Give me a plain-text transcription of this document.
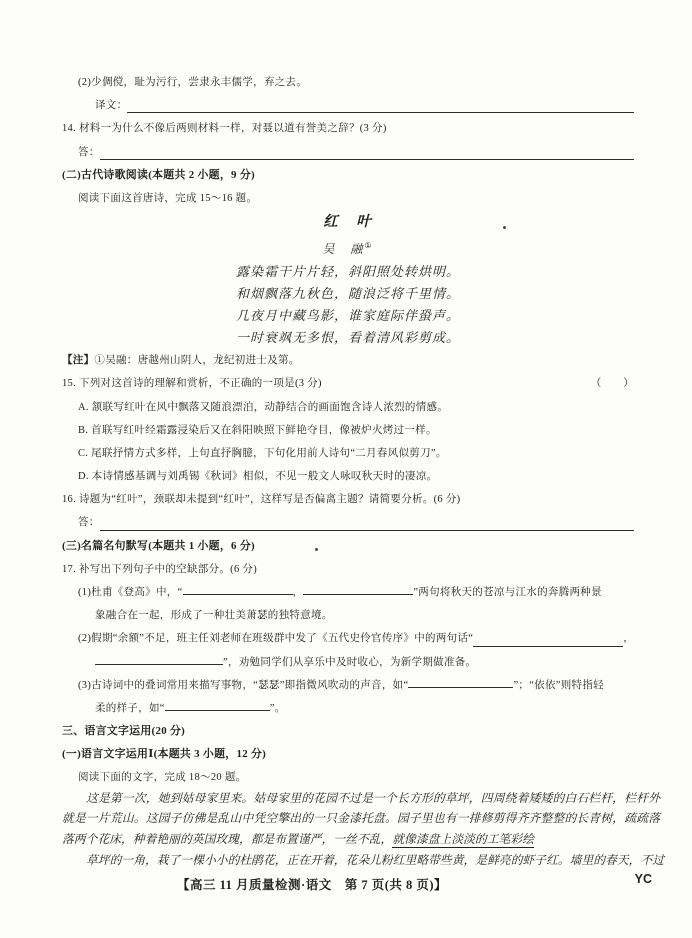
(2)少倜傥，耻为污行，尝隶永丰儒学，弃之去。
译文：
14. 材料一为什么不像后两则材料一样，对聂以道有誉美之辞？(3 分)
答：
(二)古代诗歌阅读(本题共 2 小题，9 分)
阅读下面这首唐诗，完成 15～16 题。
红　叶
吴　融①
露染霜干片片轻，斜阳照处转烘明。
和烟飘落九秋色，随浪泛将千里情。
几夜月中藏鸟影，谁家庭际伴蛩声。
一时衰飒无多恨，看着清风彩剪成。
【注】①吴融：唐越州山阴人，龙纪初进士及第。
15. 下列对这首诗的理解和赏析，不正确的一项是(3 分)	（　　）
A. 颔联写红叶在风中飘落又随浪漂泊，动静结合的画面饱含诗人浓烈的情感。
B. 首联写红叶经霜露浸染后又在斜阳映照下鲜艳夺目，像被炉火烤过一样。
C. 尾联抒情方式多样，上句直抒胸臆，下句化用前人诗句“二月春风似剪刀”。
D. 本诗情感基调与刘禹锡《秋词》相似，不见一般文人咏叹秋天时的凄凉。
16. 诗题为“红叶”，颈联却未提到“红叶”，这样写是否偏离主题？请简要分析。(6 分)
答：
(三)名篇名句默写(本题共 1 小题，6 分)
17. 补写出下列句子中的空缺部分。(6 分)
(1)杜甫《登高》中，“	，	”两句将秋天的苍凉与江水的奔腾两种景
象融合在一起，形成了一种壮美萧瑟的独特意境。
(2)假期“余额”不足，班主任刘老师在班级群中发了《五代史伶官传序》中的两句话“	，
”，劝勉同学们从享乐中及时收心，为新学期做准备。
(3)古诗词中的叠词常用来描写事物，“瑟瑟”即指微风吹动的声音，如“	”；“依依”则特指轻
柔的样子，如“	”。
三、语言文字运用(20 分)
(一)语言文字运用Ⅰ(本题共 3 小题，12 分)
阅读下面的文字，完成 18～20 题。

这是第一次，她到姑母家里来。姑母家里的花园不过是一个长方形的草坪，四周绕着矮矮的白石栏杆，栏杆外就是一片荒山。这园子仿佛是乱山中凭空擎出的一只金漆托盘。园子里也有一排修剪得齐齐整整的长青树，疏疏落落两个花床，种着艳丽的英国玫瑰，都是布置谨严，一丝不乱，就像漆盘上淡淡的工笔彩绘

草坪的一角，栽了一棵小小的杜鹃花，正在开着，花朵儿粉红里略带些黄，是鲜亮的虾子红。墙里的春天，不过

【高三 11 月质量检测·语文　第 7 页(共 8 页)】	YC
